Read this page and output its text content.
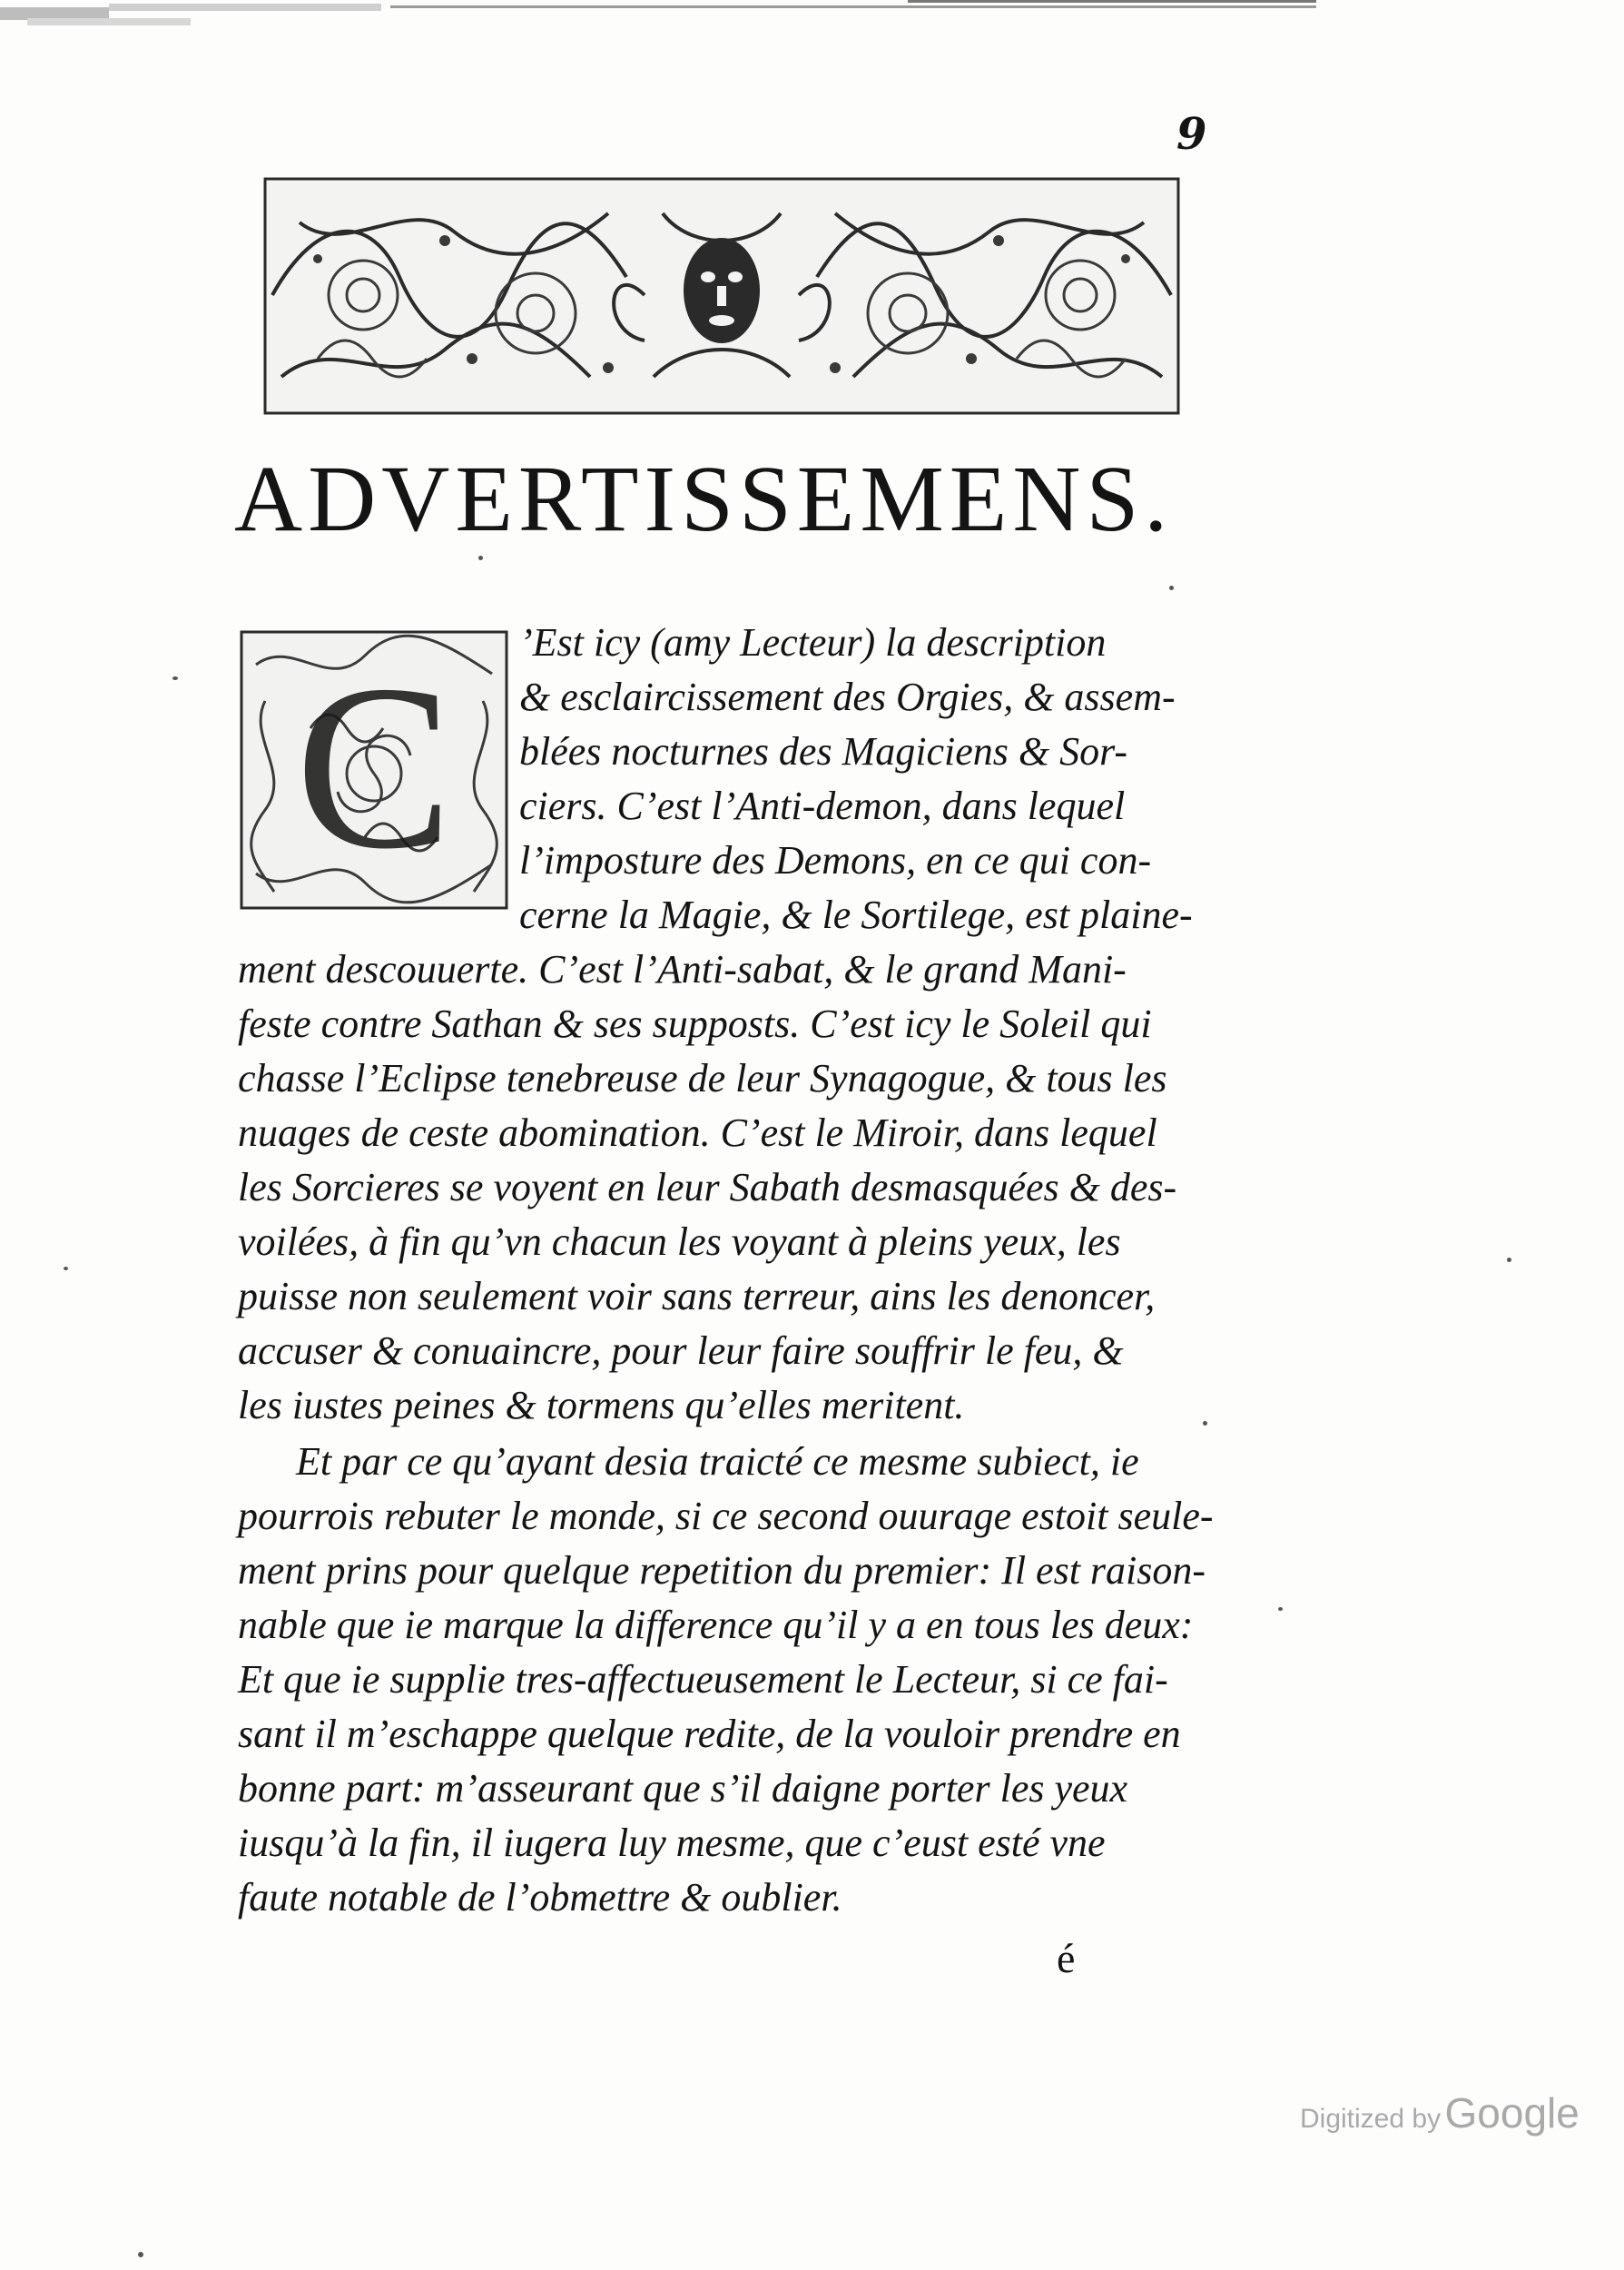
9
ADVERTISSEMENS.
C ’Est icy (amy Lecteur) la description
& esclaircissement des Orgies, & assem-
blées nocturnes des Magiciens & Sor-
ciers. C’est l’Anti-demon, dans lequel
l’imposture des Demons, en ce qui con-
cerne la Magie, & le Sortilege, est plaine-
ment descouuerte. C’est l’Anti-sabat, & le grand Mani-
feste contre Sathan & ses supposts. C’est icy le Soleil qui
chasse l’Eclipse tenebreuse de leur Synagogue, & tous les
nuages de ceste abomination. C’est le Miroir, dans lequel
les Sorcieres se voyent en leur Sabath desmasquées & des-
voilées, à fin qu’vn chacun les voyant à pleins yeux, les
puisse non seulement voir sans terreur, ains les denoncer,
accuser & conuaincre, pour leur faire souffrir le feu, &
les iustes peines & tormens qu’elles meritent.
Et par ce qu’ayant desia traicté ce mesme subiect, ie
pourrois rebuter le monde, si ce second ouurage estoit seule-
ment prins pour quelque repetition du premier: Il est raison-
nable que ie marque la difference qu’il y a en tous les deux:
Et que ie supplie tres-affectueusement le Lecteur, si ce fai-
sant il m’eschappe quelque redite, de la vouloir prendre en
bonne part: m’asseurant que s’il daigne porter les yeux
iusqu’à la fin, il iugera luy mesme, que c’eust esté vne
faute notable de l’obmettre & oublier.
é
Digitized by Google
